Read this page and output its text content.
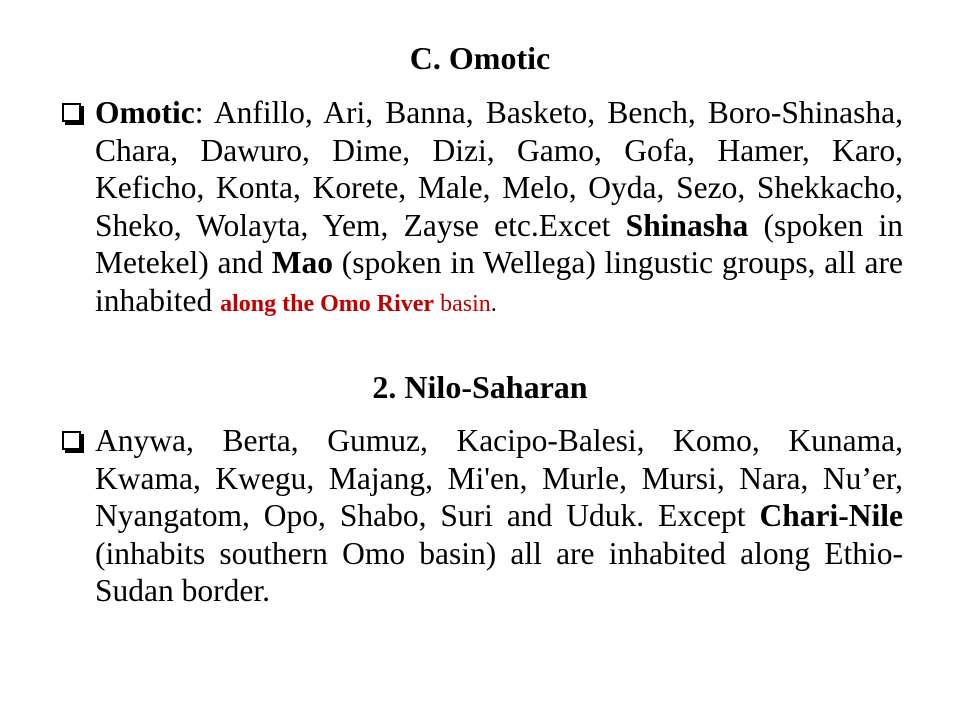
C. Omotic
Omotic: Anfillo, Ari, Banna, Basketo, Bench, Boro-Shinasha, Chara, Dawuro, Dime, Dizi, Gamo, Gofa, Hamer, Karo, Keficho, Konta, Korete, Male, Melo, Oyda, Sezo, Shekkacho, Sheko, Wolayta, Yem, Zayse etc.Excet Shinasha (spoken in Metekel) and Mao (spoken in Wellega) lingustic groups, all are inhabited along the Omo River basin.
2. Nilo-Saharan
Anywa, Berta, Gumuz, Kacipo-Balesi, Komo, Kunama, Kwama, Kwegu, Majang, Mi'en, Murle, Mursi, Nara, Nu’er, Nyangatom, Opo, Shabo, Suri and Uduk. Except Chari-Nile (inhabits southern Omo basin) all are inhabited along Ethio-Sudan border.
